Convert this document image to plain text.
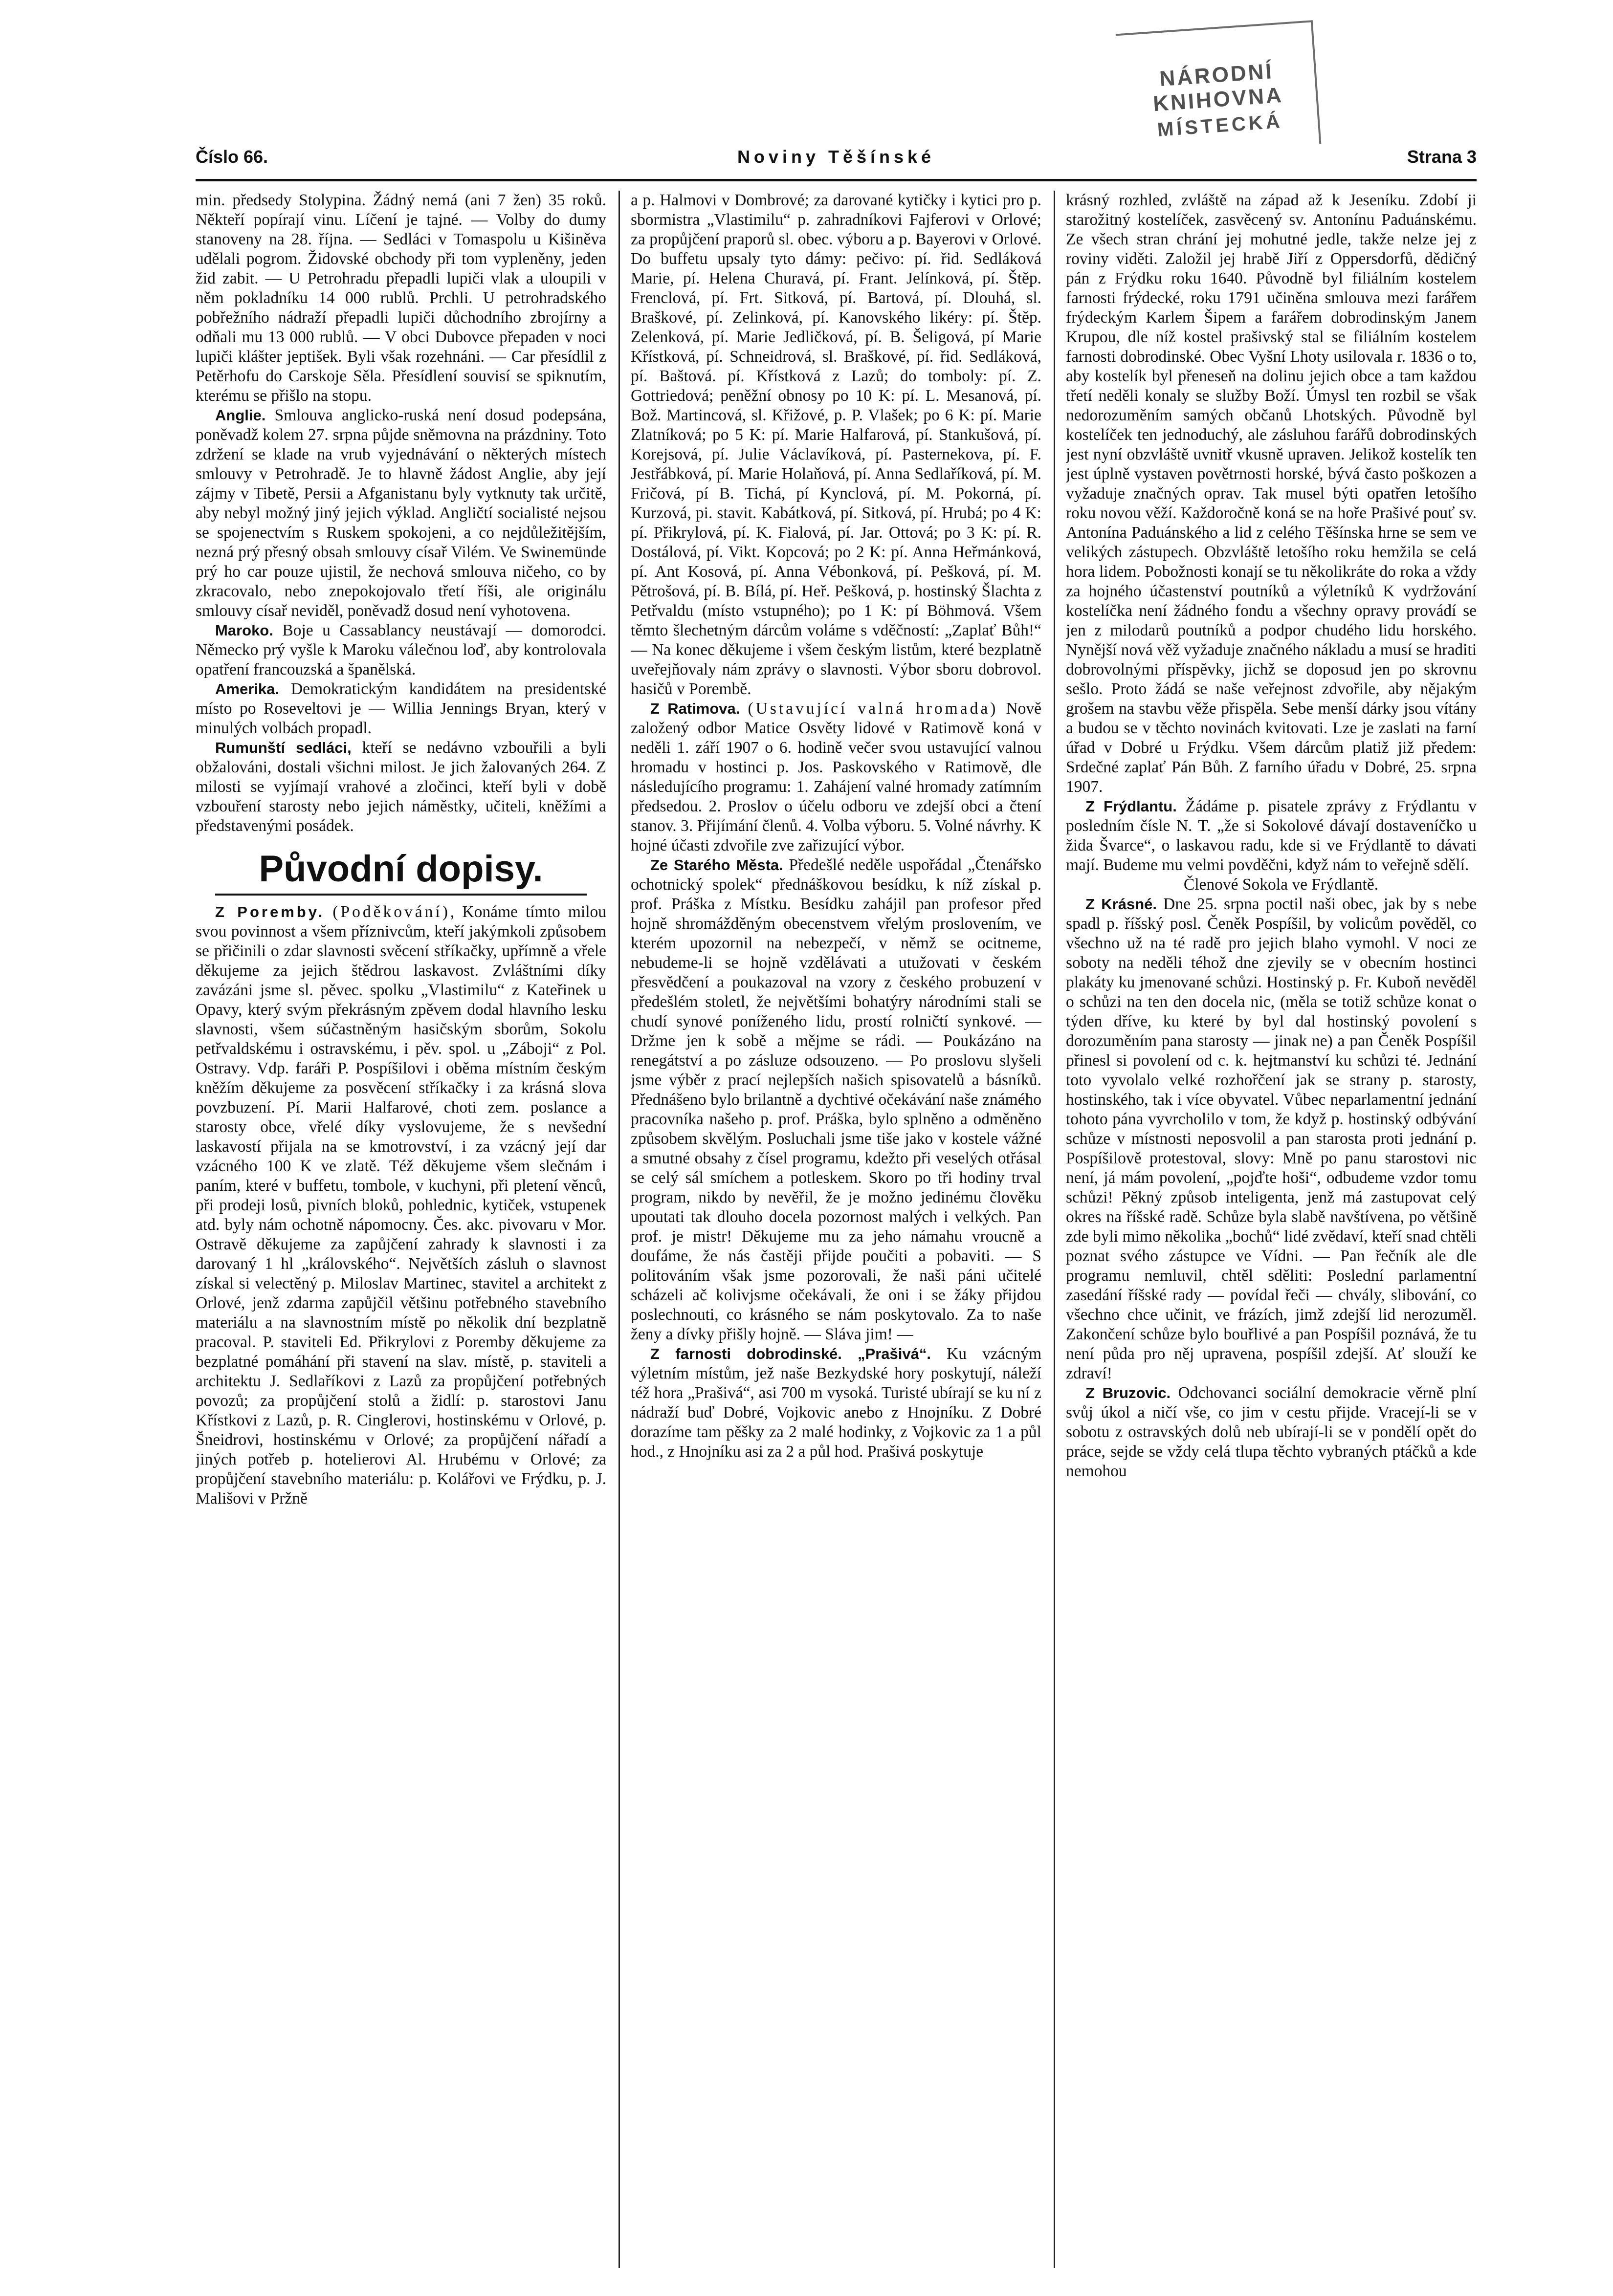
NÁRODNÍ KNIHOVNA
MÍSTECKÁ
Číslo 66.	Noviny Těšínské	Strana 3

min. předsedy Stolypina. Žádný nemá (ani 7 žen) 35 roků. Někteří popírají vinu. Líčení je tajné. — Volby do dumy stanoveny na 28. října. — Sedláci v Tomaspolu u Kišiněva udělali pogrom. Židovské obchody při tom vypleněny, jeden žid zabit. — U Petrohradu přepadli lupiči vlak a uloupili v něm pokladníku 14 000 rublů. Prchli. U petrohradského pobřežního nádraží přepadli lupiči důchodního zbrojírny a odňali mu 13 000 rublů. — V obci Dubovce přepaden v noci lupiči klášter jeptišek. Byli však rozehnáni. — Car přesídlil z Petěrhofu do Carskoje Sěla. Přesídlení souvisí se spiknutím, kterému se přišlo na stopu.

Anglie. Smlouva anglicko-ruská není dosud podepsána, poněvadž kolem 27. srpna půjde sněmovna na prázdniny. Toto zdržení se klade na vrub vyjednávání o některých místech smlouvy v Petrohradě. Je to hlavně žádost Anglie, aby její zájmy v Tibetě, Persii a Afganistanu byly vytknuty tak určitě, aby nebyl možný jiný jejich výklad. Angličtí socialisté nejsou se spojenectvím s Ruskem spokojeni, a co nejdůležitějším, nezná prý přesný obsah smlouvy císař Vilém. Ve Swinemünde prý ho car pouze ujistil, že nechová smlouva ničeho, co by zkracovalo, nebo znepokojovalo třetí říši, ale originálu smlouvy císař neviděl, poněvadž dosud není vyhotovena.

Maroko. Boje u Cassablancy neustávají — domorodci. Německo prý vyšle k Maroku válečnou loď, aby kontrolovala opatření francouzská a španělská.

Amerika. Demokratickým kandidátem na presidentské místo po Roseveltovi je — Willia Jennings Bryan, který v minulých volbách propadl.

Rumunští sedláci, kteří se nedávno vzbouřili a byli obžalováni, dostali všichni milost. Je jich žalovaných 264. Z milosti se vyjímají vrahové a zločinci, kteří byli v době vzbouření starosty nebo jejich náměstky, učiteli, kněžími a představenými posádek.

Původní dopisy.

Z Poremby. (Poděkování), Konáme tímto milou svou povinnost a všem příznivcům, kteří jakýmkoli způsobem se přičinili o zdar slavnosti svěcení stříkačky, upřímně a vřele děkujeme za jejich štědrou laskavost. Zvláštními díky zavázáni jsme sl. pěvec. spolku „Vlastimilu“ z Kateřinek u Opavy, který svým překrásným zpěvem dodal hlavního lesku slavnosti, všem súčastněným hasičským sborům, Sokolu petřvaldskému i ostravskému, i pěv. spol. u „Záboji“ z Pol. Ostravy. Vdp. faráři P. Pospíšilovi i oběma místním českým kněžím děkujeme za posvěcení stříkačky i za krásná slova povzbuzení. Pí. Marii Halfarové, choti zem. poslance a starosty obce, vřelé díky vyslovujeme, že s nevšední laskavostí přijala na se kmotrovství, i za vzácný její dar vzácného 100 K ve zlatě. Též děkujeme všem slečnám i paním, které v buffetu, tombole, v kuchyni, při pletení věnců, při prodeji losů, pivních bloků, pohlednic, kytiček, vstupenek atd. byly nám ochotně nápomocny. Čes. akc. pivovaru v Mor. Ostravě děkujeme za zapůjčení zahrady k slavnosti i za darovaný 1 hl „královského“. Největších zásluh o slavnost získal si velectěný p. Miloslav Martinec, stavitel a architekt z Orlové, jenž zdarma zapůjčil většinu potřebného stavebního materiálu a na slavnostním místě po několik dní bezplatně pracoval. P. staviteli Ed. Přikrylovi z Poremby děkujeme za bezplatné pomáhání při stavení na slav. místě, p. staviteli a architektu J. Sedlaříkovi z Lazů za propůjčení potřebných povozů; za propůjčení stolů a židlí: p. starostovi Janu Křístkovi z Lazů, p. R. Cinglerovi, hostinskému v Orlové, p. Šneidrovi, hostinskému v Orlové; za propůjčení nářadí a jiných potřeb p. hotelierovi Al. Hrubému v Orlové; za propůjčení stavebního materiálu: p. Kolářovi ve Frýdku, p. J. Mališovi v Pržně

a p. Halmovi v Dombrové; za darované kytičky i kytici pro p. sbormistra „Vlastimilu“ p. zahradníkovi Fajferovi v Orlové; za propůjčení praporů sl. obec. výboru a p. Bayerovi v Orlové. Do buffetu upsaly tyto dámy: pečivo: pí. řid. Sedláková Marie, pí. Helena Churavá, pí. Frant. Jelínková, pí. Štěp. Frenclová, pí. Frt. Sitková, pí. Bartová, pí. Dlouhá, sl. Braškové, pí. Zelinková, pí. Kanovského likéry: pí. Štěp. Zelenková, pí. Marie Jedličková, pí. B. Šeligová, pí Marie Křístková, pí. Schneidrová, sl. Braškové, pí. řid. Sedláková, pí. Baštová. pí. Křístková z Lazů; do tomboly: pí. Z. Gottriedová; peněžní obnosy po 10 K: pí. L. Mesanová, pí. Bož. Martincová, sl. Křižové, p. P. Vlašek; po 6 K: pí. Marie Zlatníková; po 5 K: pí. Marie Halfarová, pí. Stankušová, pí. Korejsová, pí. Julie Václavíková, pí. Pasternekova, pí. F. Jestřábková, pí. Marie Holaňová, pí. Anna Sedlaříková, pí. M. Fričová, pí B. Tichá, pí Kynclová, pí. M. Pokorná, pí. Kurzová, pi. stavit. Kabátková, pí. Sitková, pí. Hrubá; po 4 K: pí. Přikrylová, pí. K. Fialová, pí. Jar. Ottová; po 3 K: pí. R. Dostálová, pí. Vikt. Kopcová; po 2 K: pí. Anna Heřmánková, pí. Ant Kosová, pí. Anna Vébonková, pí. Pešková, pí. M. Pětrošová, pí. B. Bílá, pí. Heř. Pešková, p. hostinský Šlachta z Petřvaldu (místo vstupného); po 1 K: pí Böhmová. Všem těmto šlechetným dárcům voláme s vděčností: „Zaplať Bůh!“ — Na konec děkujeme i všem českým listům, které bezplatně uveřejňovaly nám zprávy o slavnosti. Výbor sboru dobrovol. hasičů v Porembě.

Z Ratimova. (Ustavující valná hromada) Nově založený odbor Matice Osvěty lidové v Ratimově koná v neděli 1. září 1907 o 6. hodině večer svou ustavující valnou hromadu v hostinci p. Jos. Paskovského v Ratimově, dle následujícího programu: 1. Zahájení valné hromady zatímním předsedou. 2. Proslov o účelu odboru ve zdejší obci a čtení stanov. 3. Přijímání členů. 4. Volba výboru. 5. Volné návrhy. K hojné účasti zdvořile zve zařizující výbor.

Ze Starého Města. Předešlé neděle uspořádal „Čtenářsko ochotnický spolek“ přednáškovou besídku, k níž získal p. prof. Práška z Místku. Besídku zahájil pan profesor před hojně shromážděným obecenstvem vřelým proslovením, ve kterém upozornil na nebezpečí, v němž se ocitneme, nebudeme-li se hojně vzdělávati a utužovati v českém přesvědčení a poukazoval na vzory z českého probuzení v předešlém stoletl, že největšími bohatýry národními stali se chudí synové poníženého lidu, prostí rolničtí synkové. — Držme jen k sobě a mějme se rádi. — Poukázáno na renegátství a po zásluze odsouzeno. — Po proslovu slyšeli jsme výběr z prací nejlepších našich spisovatelů a básníků. Přednášeno bylo brilantně a dychtivé očekávání naše známého pracovníka našeho p. prof. Práška, bylo splněno a odměněno způsobem skvělým. Posluchali jsme tiše jako v kostele vážné a smutné obsahy z čísel programu, kdežto při veselých otřásal se celý sál smíchem a potleskem. Skoro po tři hodiny trval program, nikdo by nevěřil, že je možno jedinému člověku upoutati tak dlouho docela pozornost malých i velkých. Pan prof. je mistr! Děkujeme mu za jeho námahu vroucně a doufáme, že nás častěji přijde poučiti a pobaviti. — S politováním však jsme pozorovali, že naši páni učitelé scházeli ač kolivjsme očekávali, že oni i se žáky přijdou poslechnouti, co krásného se nám poskytovalo. Za to naše ženy a dívky přišly hojně. — Sláva jim! —

Z farnosti dobrodinské. „Prašivá“. Ku vzácným výletním místům, jež naše Bezkydské hory poskytují, náleží též hora „Prašivá“, asi 700 m vysoká. Turisté ubírají se ku ní z nádraží buď Dobré, Vojkovic anebo z Hnojníku. Z Dobré dorazíme tam pěšky za 2 malé hodinky, z Vojkovic za 1 a půl hod., z Hnojníku asi za 2 a půl hod. Prašivá poskytuje

krásný rozhled, zvláště na západ až k Jeseníku. Zdobí ji starožitný kostelíček, zasvěcený sv. Antonínu Paduánskému. Ze všech stran chrání jej mohutné jedle, takže nelze jej z roviny viděti. Založil jej hrabě Jiří z Oppersdorfů, dědičný pán z Frýdku roku 1640. Původně byl filiálním kostelem farnosti frýdecké, roku 1791 učiněna smlouva mezi farářem frýdeckým Karlem Šipem a farářem dobrodinským Janem Krupou, dle níž kostel prašivský stal se filiálním kostelem farnosti dobrodinské. Obec Vyšní Lhoty usilovala r. 1836 o to, aby kostelík byl přeneseň na dolinu jejich obce a tam každou třetí neděli konaly se služby Boží. Úmysl ten rozbil se však nedorozuměním samých občanů Lhotských. Původně byl kostelíček ten jednoduchý, ale zásluhou farářů dobrodinských jest nyní obzvláště uvnitř vkusně upraven. Jelikož kostelík ten jest úplně vystaven povětrnosti horské, bývá často poškozen a vyžaduje značných oprav. Tak musel býti opatřen letošího roku novou věží. Každoročně koná se na hoře Prašivé pouť sv. Antonína Paduánského a lid z celého Těšínska hrne se sem ve velikých zástupech. Obzvláště letošího roku hemžila se celá hora lidem. Pobožnosti konají se tu několikráte do roka a vždy za hojného účastenství poutníků a výletníků K vydržování kostelíčka není žádného fondu a všechny opravy provádí se jen z milodarů poutníků a podpor chudého lidu horského. Nynější nová věž vyžaduje značného nákladu a musí se hraditi dobrovolnými příspěvky, jichž se doposud jen po skrovnu sešlo. Proto žádá se naše veřejnost zdvořile, aby nějakým grošem na stavbu věže přispěla. Sebe menší dárky jsou vítány a budou se v těchto novinách kvitovati. Lze je zaslati na farní úřad v Dobré u Frýdku. Všem dárcům platiž již předem: Srdečné zaplať Pán Bůh. Z farního úřadu v Dobré, 25. srpna 1907.

Z Frýdlantu. Žádáme p. pisatele zprávy z Frýdlantu v posledním čísle N. T. „že si Sokolové dávají dostaveníčko u žida Švarce“, o laskavou radu, kde si ve Frýdlantě to dávati mají. Budeme mu velmi povděčni, když nám to veřejně sdělí.

Členové Sokola ve Frýdlantě.

Z Krásné. Dne 25. srpna poctil naši obec, jak by s nebe spadl p. říšský posl. Čeněk Pospíšil, by volicům pověděl, co všechno už na té radě pro jejich blaho vymohl. V noci ze soboty na neděli téhož dne zjevily se v obecním hostinci plakáty ku jmenované schůzi. Hostinský p. Fr. Kuboň nevěděl o schůzi na ten den docela nic, (měla se totiž schůze konat o týden dříve, ku které by byl dal hostinský povolení s dorozuměním pana starosty — jinak ne) a pan Čeněk Pospíšil přinesl si povolení od c. k. hejtmanství ku schůzi té. Jednání toto vyvolalo velké rozhořčení jak se strany p. starosty, hostinského, tak i více obyvatel. Vůbec neparlamentní jednání tohoto pána vyvrcholilo v tom, že když p. hostinský odbývání schůze v místnosti neposvolil a pan starosta proti jednání p. Pospíšilově protestoval, slovy: Mně po panu starostovi nic není, já mám povolení, „pojďte hoši“, odbudeme vzdor tomu schůzi! Pěkný způsob inteligenta, jenž má zastupovat celý okres na říšské radě. Schůze byla slabě navštívena, po většině zde byli mimo několika „bochů“ lidé zvědaví, kteří snad chtěli poznat svého zástupce ve Vídni. — Pan řečník ale dle programu nemluvil, chtěl sděliti: Poslední parlamentní zasedání říšské rady — povídal řeči — chvály, slibování, co všechno chce učinit, ve frázích, jimž zdejší lid nerozuměl. Zakončení schůze bylo bouřlivé a pan Pospíšil poznává, že tu není půda pro něj upravena, pospíšil zdejší. Ať slouží ke zdraví!

Z Bruzovic. Odchovanci sociální demokracie věrně plní svůj úkol a ničí vše, co jim v cestu přijde. Vracejí-li se v sobotu z ostravských dolů neb ubírají-li se v pondělí opět do práce, sejde se vždy celá tlupa těchto vybraných ptáčků a kde nemohou
